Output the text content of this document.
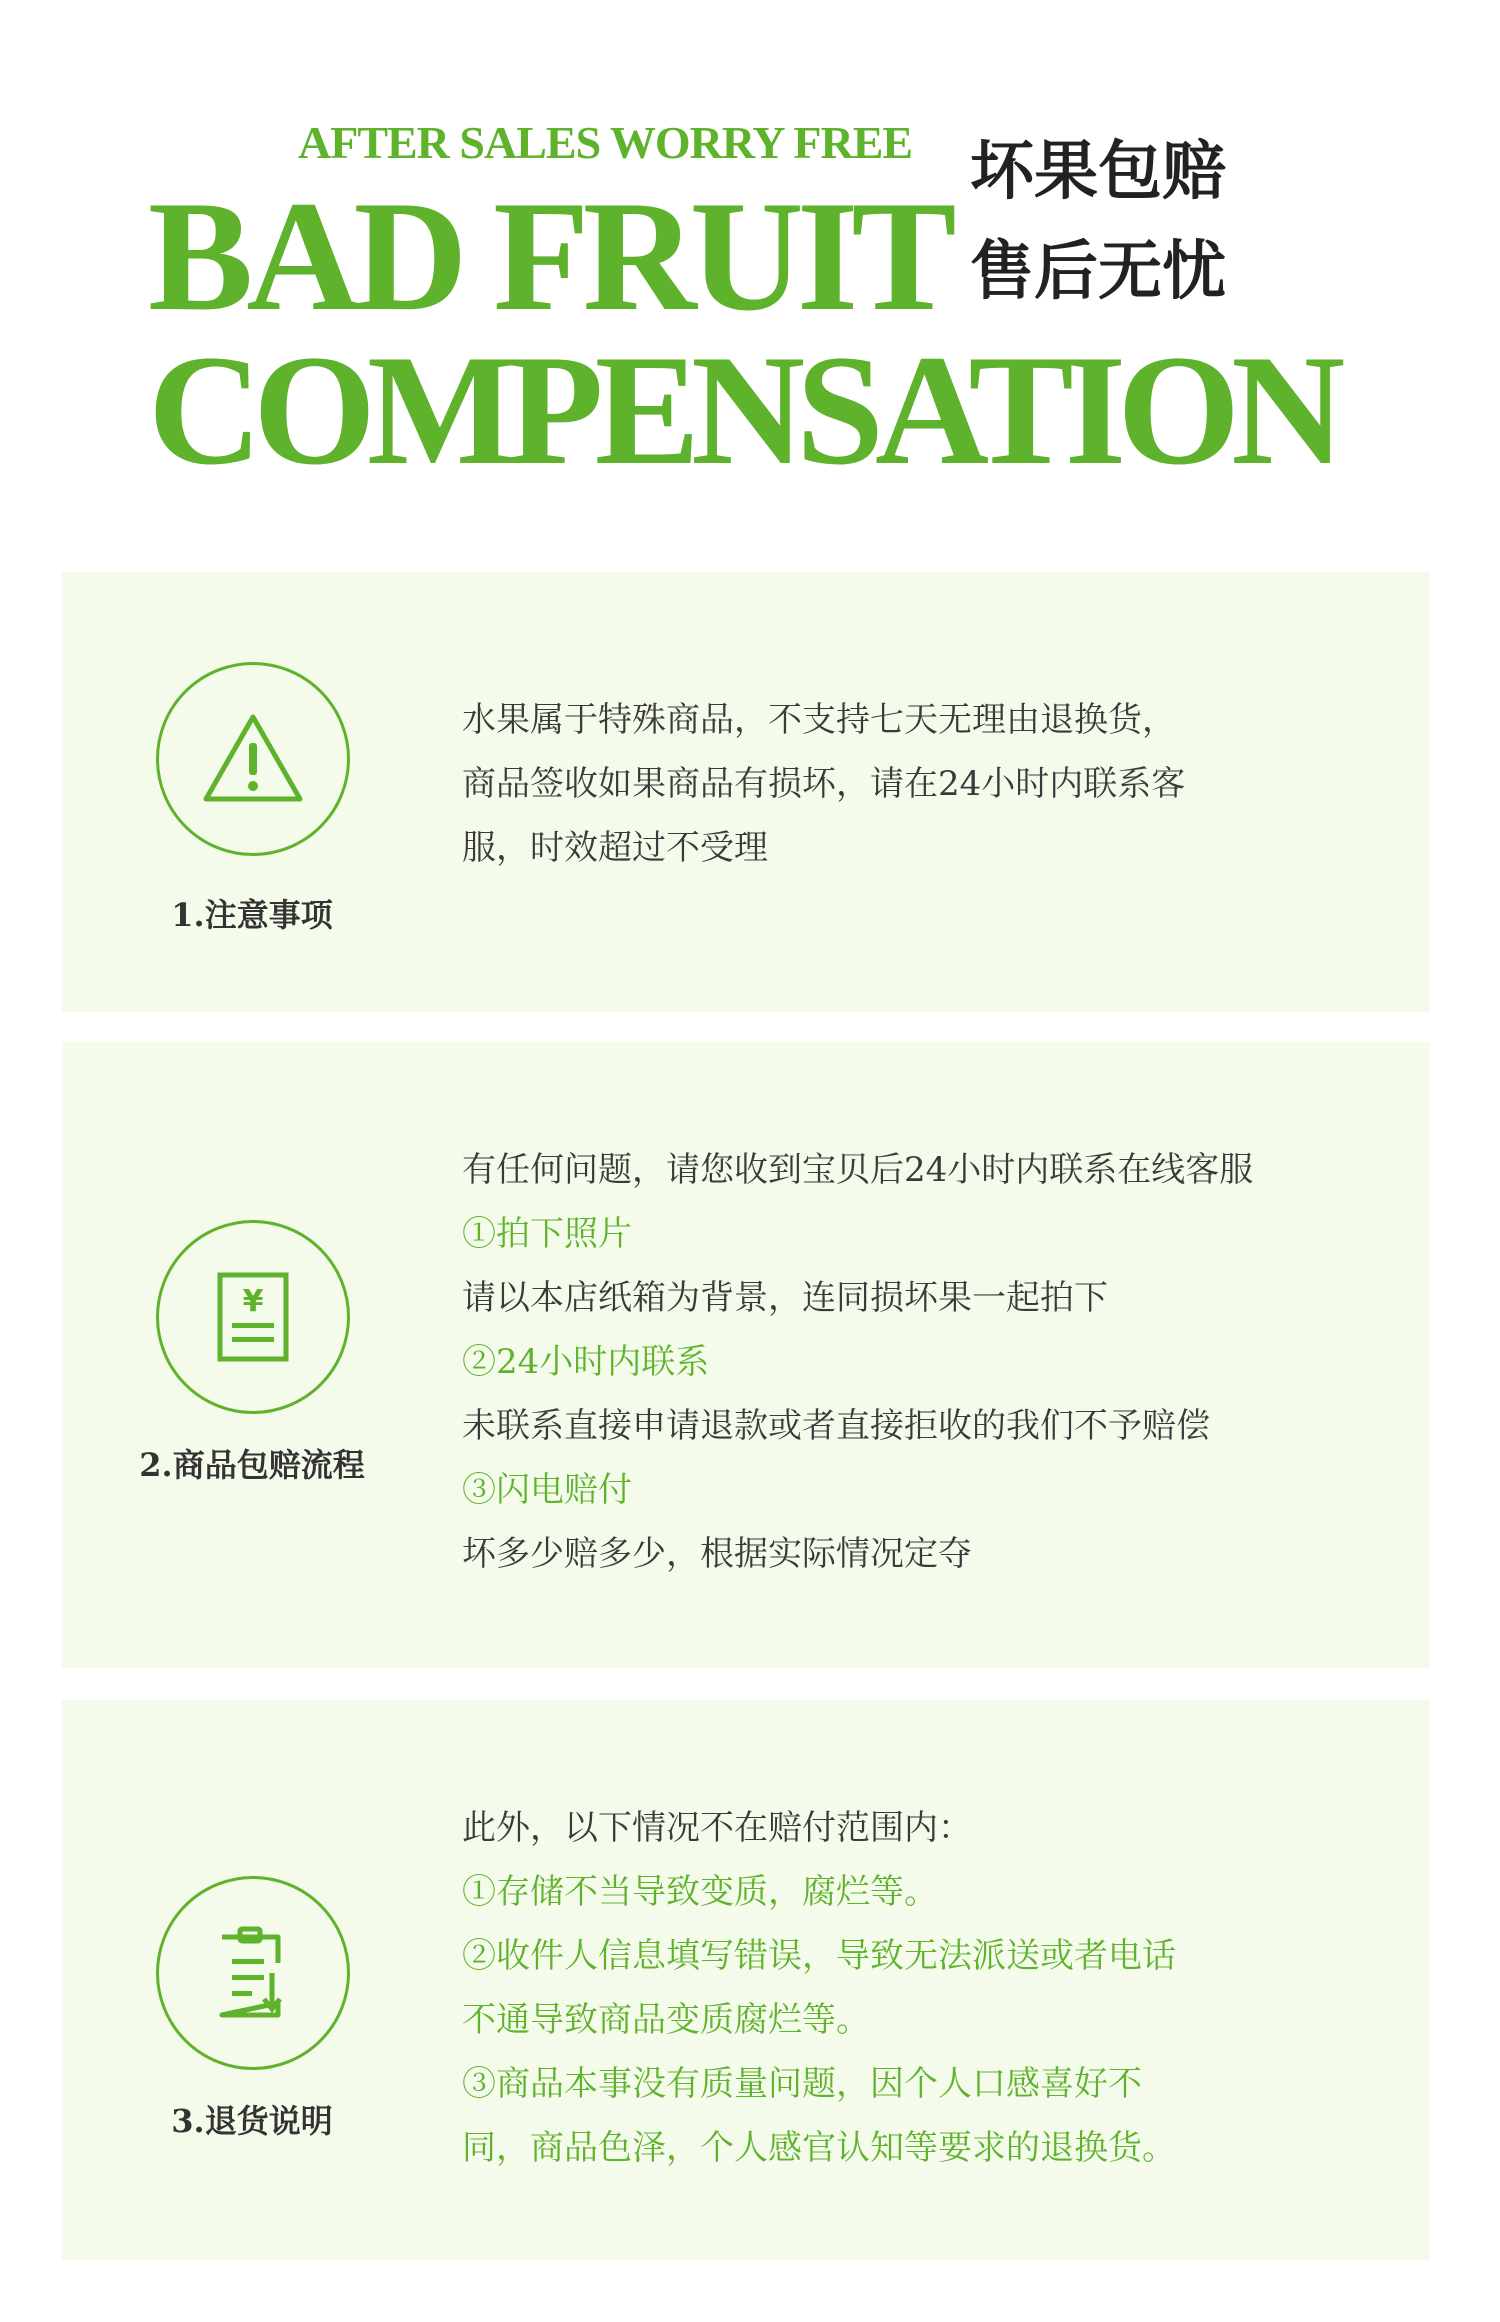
AFTER SALES WORRY FREE
BAD FRUIT
COMPENSATION
坏果包赔
售后无忧
1.注意事项
水果属于特殊商品，不支持七天无理由退换货，
商品签收如果商品有损坏，请在24小时内联系客
服，时效超过不受理
¥
2.商品包赔流程
有任何问题，请您收到宝贝后24小时内联系在线客服
①拍下照片
请以本店纸箱为背景，连同损坏果一起拍下
②24小时内联系
未联系直接申请退款或者直接拒收的我们不予赔偿
③闪电赔付
坏多少赔多少，根据实际情况定夺
3.退货说明
此外，以下情况不在赔付范围内：
①存储不当导致变质，腐烂等。
②收件人信息填写错误，导致无法派送或者电话
不通导致商品变质腐烂等。
③商品本事没有质量问题，因个人口感喜好不
同，商品色泽，个人感官认知等要求的退换货。
